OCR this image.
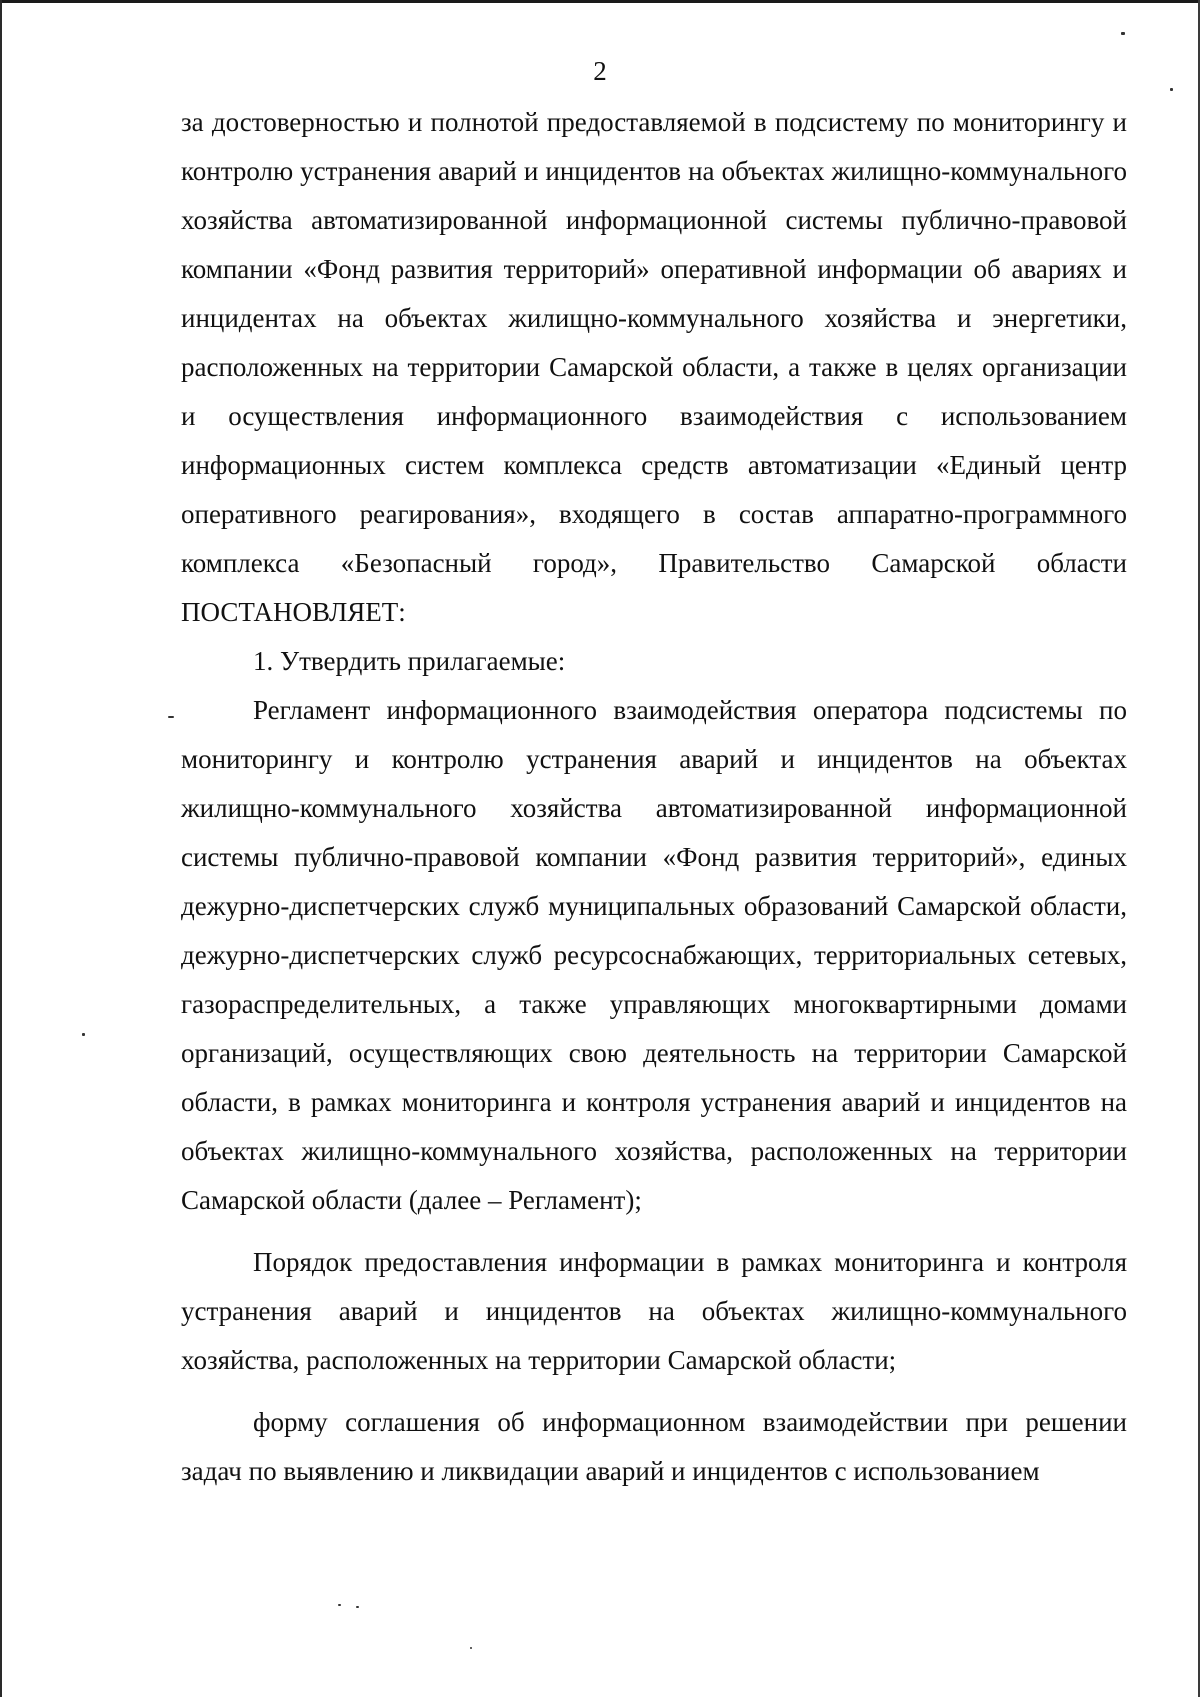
2

за достоверностью и полнотой предоставляемой в подсистему по мониторингу и контролю устранения аварий и инцидентов на объектах жилищно-коммунального хозяйства автоматизированной информационной системы публично-правовой компании «Фонд развития территорий» оперативной информации об авариях и инцидентах на объектах жилищно-коммунального хозяйства и энергетики, расположенных на территории Самарской области, а также в целях организации и осуществления информационного взаимодействия с использованием информационных систем комплекса средств автоматизации «Единый центр оперативного реагирования», входящего в состав аппаратно-программного комплекса «Безопасный город», Правительство Самарской области ПОСТАНОВЛЯЕТ:

1. Утвердить прилагаемые:

Регламент информационного взаимодействия оператора подсистемы по мониторингу и контролю устранения аварий и инцидентов на объектах жилищно-коммунального хозяйства автоматизированной информационной системы публично-правовой компании «Фонд развития территорий», единых дежурно-диспетчерских служб муниципальных образований Самарской области, дежурно-диспетчерских служб ресурсоснабжающих, территориальных сетевых, газораспределительных, а также управляющих многоквартирными домами организаций, осуществляющих свою деятельность на территории Самарской области, в рамках мониторинга и контроля устранения аварий и инцидентов на объектах жилищно-коммунального хозяйства, расположенных на территории Самарской области (далее – Регламент);

Порядок предоставления информации в рамках мониторинга и контроля устранения аварий и инцидентов на объектах жилищно-коммунального хозяйства, расположенных на территории Самарской области;

форму соглашения об информационном взаимодействии при решении задач по выявлению и ликвидации аварий и инцидентов с использованием
